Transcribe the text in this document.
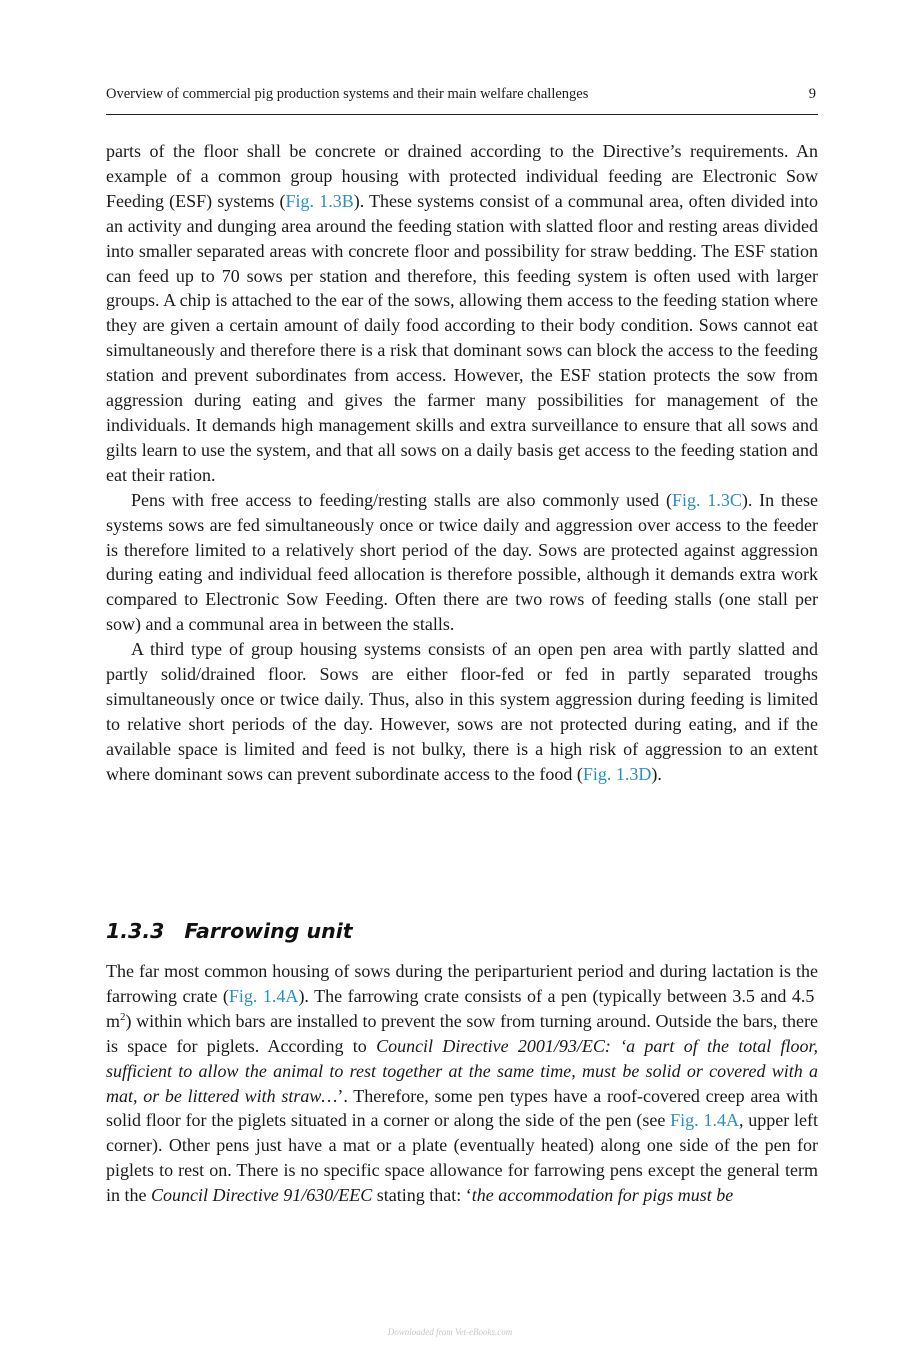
Overview of commercial pig production systems and their main welfare challenges	9

parts of the floor shall be concrete or drained according to the Directive’s requirements. An example of a common group housing with protected individual feeding are Electronic Sow Feeding (ESF) systems (Fig. 1.3B). These systems consist of a communal area, often divided into an activity and dunging area around the feeding station with slatted floor and resting areas divided into smaller separated areas with concrete floor and possibility for straw bedding. The ESF station can feed up to 70 sows per station and therefore, this feeding system is often used with larger groups. A chip is attached to the ear of the sows, allowing them access to the feeding station where they are given a certain amount of daily food according to their body condition. Sows cannot eat simultaneously and therefore there is a risk that dominant sows can block the access to the feeding station and prevent subordinates from access. However, the ESF station protects the sow from aggression during eating and gives the farmer many possibilities for management of the individuals. It demands high management skills and extra surveillance to ensure that all sows and gilts learn to use the system, and that all sows on a daily basis get access to the feeding station and eat their ration.

Pens with free access to feeding/resting stalls are also commonly used (Fig. 1.3C). In these systems sows are fed simultaneously once or twice daily and aggression over access to the feeder is therefore limited to a relatively short period of the day. Sows are protected against aggression during eating and individual feed allocation is therefore possible, although it demands extra work compared to Electronic Sow Feeding. Often there are two rows of feeding stalls (one stall per sow) and a communal area in between the stalls.

A third type of group housing systems consists of an open pen area with partly slatted and partly solid/drained floor. Sows are either floor-fed or fed in partly separated troughs simultaneously once or twice daily. Thus, also in this system aggression during feeding is limited to relative short periods of the day. However, sows are not protected during eating, and if the available space is limited and feed is not bulky, there is a high risk of aggression to an extent where dominant sows can prevent subordinate access to the food (Fig. 1.3D).

1.3.3 Farrowing unit

The far most common housing of sows during the periparturient period and during lactation is the farrowing crate (Fig. 1.4A). The farrowing crate consists of a pen (typically between 3.5 and 4.5 $m^2$) within which bars are installed to prevent the sow from turning around. Outside the bars, there is space for piglets. According to Council Directive 2001/93/EC: ‘a part of the total floor, sufficient to allow the animal to rest together at the same time, must be solid or covered with a mat, or be littered with straw…’. Therefore, some pen types have a roof-covered creep area with solid floor for the piglets situated in a corner or along the side of the pen (see Fig. 1.4A, upper left corner). Other pens just have a mat or a plate (eventually heated) along one side of the pen for piglets to rest on. There is no specific space allowance for farrowing pens except the general term in the Council Directive 91/630/EEC stating that: ‘the accommodation for pigs must be

Downloaded from Vet-eBooks.com
